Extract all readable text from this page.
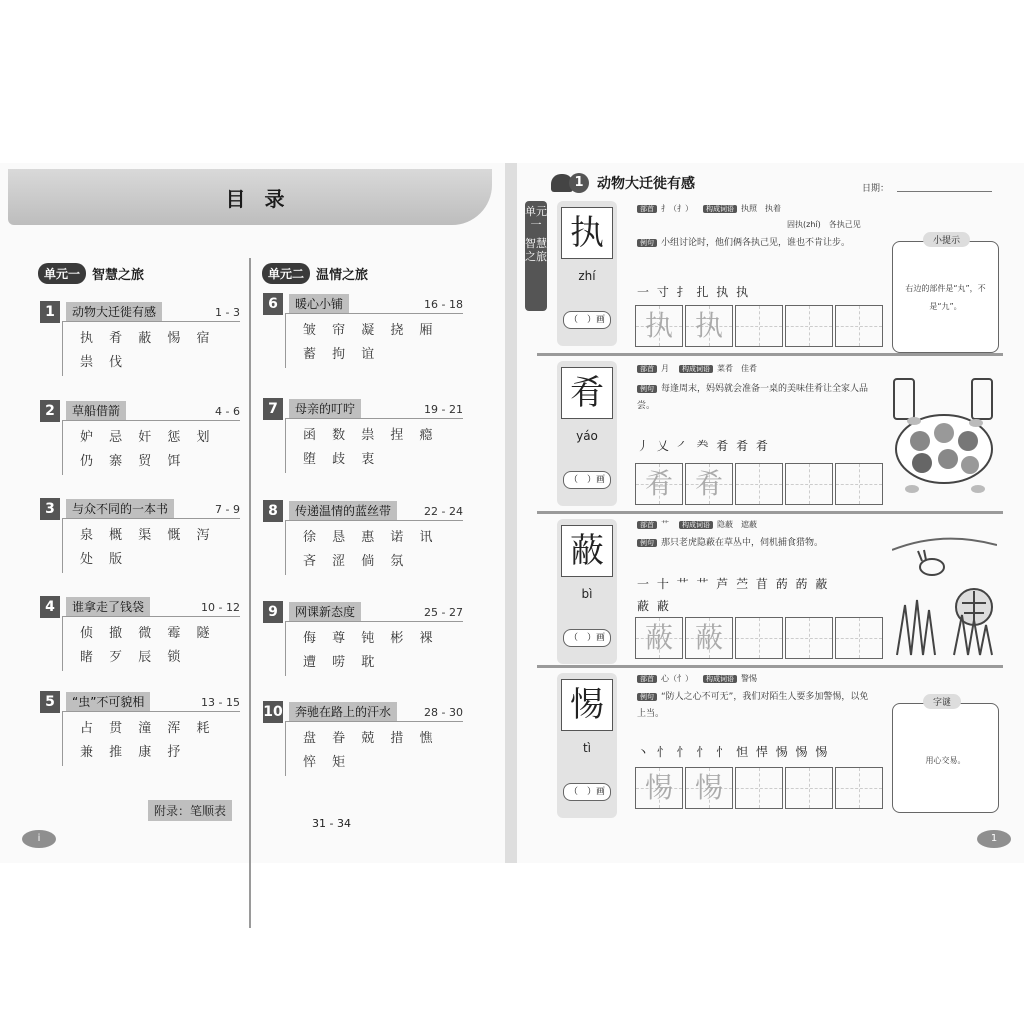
目 录
单元一 智慧之旅	单元二 温情之旅
1	动物大迁徙有感	1 - 3
执 肴 蔽 惕 宿
祟 伐
2	草船借箭	4 - 6
妒 忌 奸 惩 划
仍 寨 贸 饵
3	与众不同的一本书	7 - 9
泉 概 渠 慨 泻
处 版
4	谁拿走了钱袋	10 - 12
侦 撤 微 霉 隧
睹 歹 辰 锁
5	“虫”不可貌相	13 - 15
占 贯 潼 浑 耗
兼 推 康 抒
6	暖心小铺	16 - 18
皱 帘 凝 挠 厢
蓄 拘 谊
7	母亲的叮咛	19 - 21
函 数 祟 捏 瘾
堕 歧 衷
8	传递温情的蓝丝带	22 - 24
徐 恳 惠 诺 讯
吝 涩 倘 氛
9	网课新态度	25 - 27
侮 尊 钝 彬 裸
遭 唠 耽
10	奔驰在路上的汗水	28 - 30
盘 眷 兢 措 憔
悴 矩
附录：笔顺表
31 - 34
i
1 动物大迁徙有感	日期：
单元一
智慧之旅
执
zhí
（　）画
部首 扌（扌） 构成词语 执照　执着
固执(zhí)　各执己见
例句 小组讨论时，他们俩各执己见，谁也不肯让步。
一 寸 扌 扎 执 执
执 执
小提示
右边的部件是“丸”，不是“九”。
肴
yáo
（　）画
部首 月 构成词语 菜肴　佳肴
例句 每逢周末，妈妈就会准备一桌的美味佳肴让全家人品尝。
丿 乂 ㇒ 龹 肴 肴 肴
肴 肴
蔽
bì
（　）画
部首 艹 构成词语 隐蔽　遮蔽
例句 那只老虎隐蔽在草丛中，伺机捕食猎物。
一 十 艹 艹 芦 苎 苜 菂 菂 蔽
蔽 蔽
蔽 蔽
惕
tì
（　）画
部首 心（忄） 构成词语 警惕
例句 “防人之心不可无”，我们对陌生人要多加警惕，以免上当。
丶 忄 忄 忄 忄 怛 悍 惕 惕 惕
惕 惕
字谜
用心交易。
1
